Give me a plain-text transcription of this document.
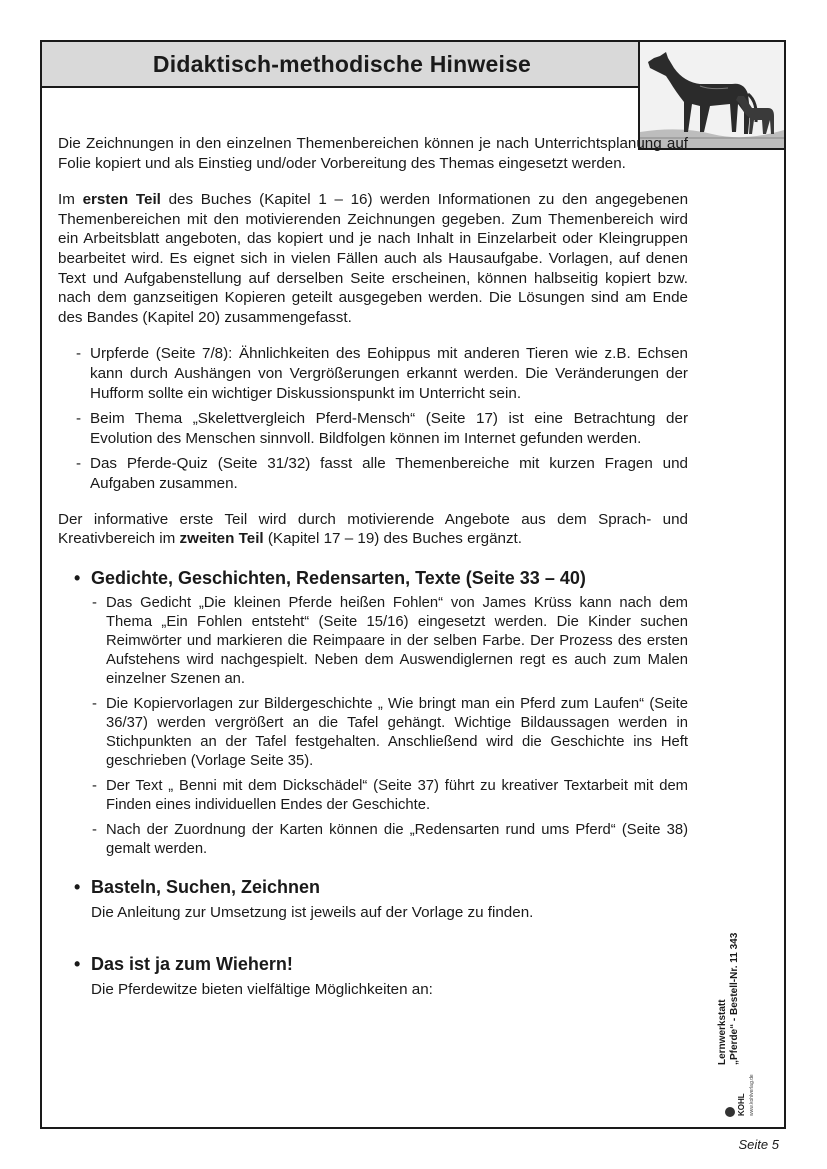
Didaktisch-methodische Hinweise

Die Zeichnungen in den einzelnen Themenbereichen können je nach Unterrichtsplanung auf Folie kopiert und als Einstieg und/oder Vorbereitung des Themas eingesetzt werden.

Im ersten Teil des Buches (Kapitel 1 – 16) werden Informationen zu den angegebenen Themenbereichen mit den motivierenden Zeichnungen gegeben. Zum Themenbereich wird ein Arbeitsblatt angeboten, das kopiert und je nach Inhalt in Einzelarbeit oder Kleingruppen bearbeitet wird. Es eignet sich in vielen Fällen auch als Hausaufgabe. Vorlagen, auf denen Text und Aufgabenstellung auf derselben Seite erscheinen, können halbseitig kopiert bzw. nach dem ganzseitigen Kopieren geteilt ausgegeben werden. Die Lösungen sind am Ende des Bandes (Kapitel 20) zusammengefasst.

- Urpferde (Seite 7/8): Ähnlichkeiten des Eohippus mit anderen Tieren wie z.B. Echsen kann durch Aushängen von Vergrößerungen erkannt werden. Die Veränderungen der Hufform sollte ein wichtiger Diskussionspunkt im Unterricht sein.
- Beim Thema „Skelettvergleich Pferd-Mensch“ (Seite 17) ist eine Betrachtung der Evolution des Menschen sinnvoll. Bildfolgen können im Internet gefunden werden.
- Das Pferde-Quiz (Seite 31/32) fasst alle Themenbereiche mit kurzen Fragen und Aufgaben zusammen.

Der informative erste Teil wird durch motivierende Angebote aus dem Sprach- und Kreativbereich im zweiten Teil (Kapitel 17 – 19) des Buches ergänzt.

• Gedichte, Geschichten, Redensarten, Texte (Seite 33 – 40)
- Das Gedicht „Die kleinen Pferde heißen Fohlen“ von James Krüss kann nach dem Thema „Ein Fohlen entsteht“ (Seite 15/16) eingesetzt werden. Die Kinder suchen Reimwörter und markieren die Reimpaare in der selben Farbe. Der Prozess des ersten Aufstehens wird nachgespielt. Neben dem Auswendiglernen regt es auch zum Malen einzelner Szenen an.
- Die Kopiervorlagen zur Bildergeschichte „ Wie bringt man ein Pferd zum Laufen“ (Seite 36/37) werden vergrößert an die Tafel gehängt. Wichtige Bildaussagen werden in Stichpunkten an der Tafel festgehalten. Anschließend wird die Geschichte ins Heft geschrieben (Vorlage Seite 35).
- Der Text „ Benni mit dem Dickschädel“ (Seite 37) führt zu kreativer Textarbeit mit dem Finden eines individuellen Endes der Geschichte.
- Nach der Zuordnung der Karten können die „Redensarten rund ums Pferd“ (Seite 38) gemalt werden.
• Basteln, Suchen, Zeichnen

Die Anleitung zur Umsetzung ist jeweils auf der Vorlage zu finden.

• Das ist ja zum Wiehern!

Die Pferdewitze bieten vielfältige Möglichkeiten an:

Lernwerkstatt „Pferde“ - Bestell-Nr. 11 343
KOHL www.kohlverlag.de
Seite 5
